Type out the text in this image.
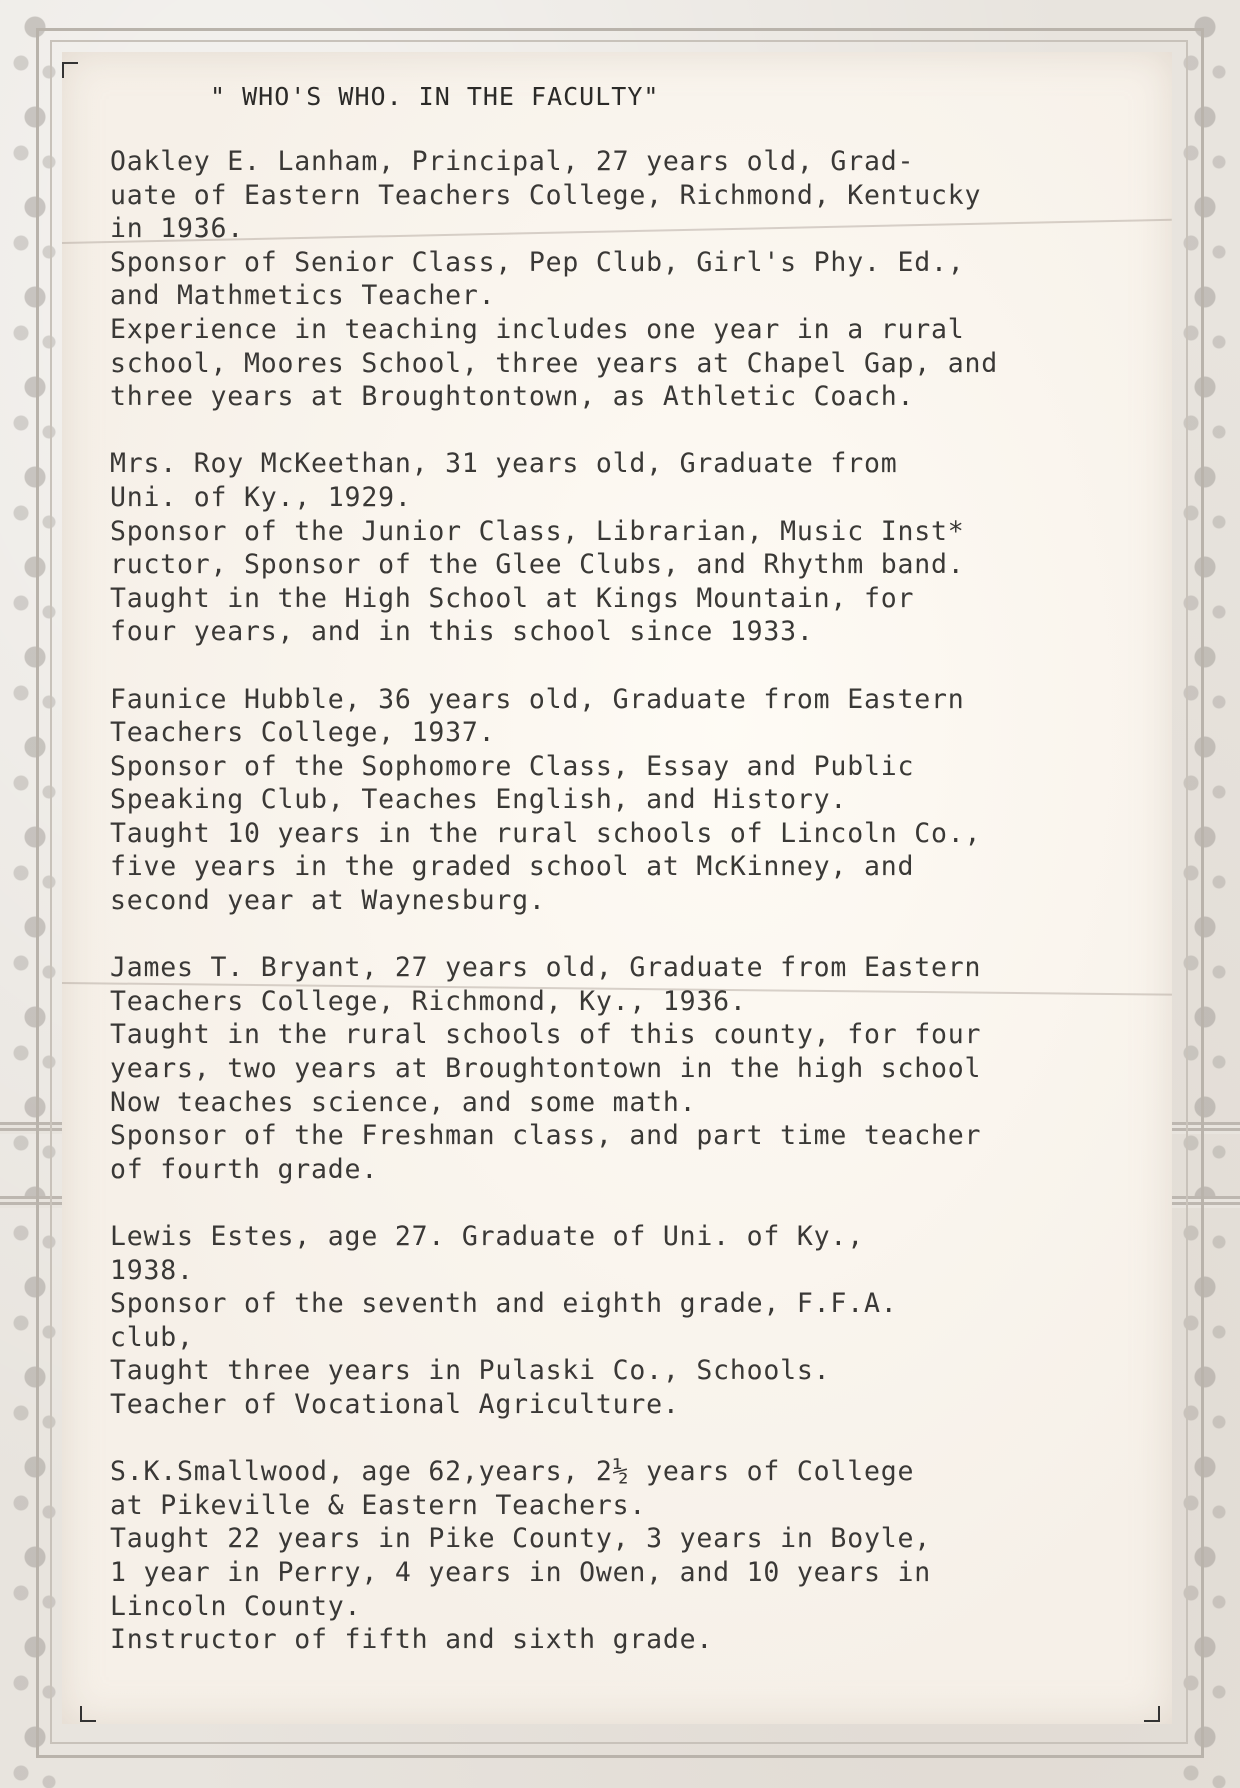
" WHO'S WHO. IN THE FACULTY"
Oakley E. Lanham, Principal, 27 years old, Grad-
uate of Eastern Teachers College, Richmond, Kentucky
in 1936.
Sponsor of Senior Class, Pep Club, Girl's Phy. Ed.,
and Mathmetics Teacher.
Experience in teaching includes one year in a rural
school, Moores School, three years at Chapel Gap, and
three years at Broughtontown, as Athletic Coach.
Mrs. Roy McKeethan, 31 years old, Graduate from
Uni. of Ky., 1929.
Sponsor of the Junior Class, Librarian, Music Inst*
ructor, Sponsor of the Glee Clubs, and Rhythm band.
Taught in the High School at Kings Mountain, for
four years, and in this school since 1933.
Faunice Hubble, 36 years old, Graduate from Eastern
Teachers College, 1937.
Sponsor of the Sophomore Class, Essay and Public
Speaking Club, Teaches English, and History.
Taught 10 years in the rural schools of Lincoln Co.,
five years in the graded school at McKinney, and
second year at Waynesburg.
James T. Bryant, 27 years old, Graduate from Eastern
Teachers College, Richmond, Ky., 1936.
Taught in the rural schools of this county, for four
years, two years at Broughtontown in the high school
Now teaches science, and some math.
Sponsor of the Freshman class, and part time teacher
of fourth grade.
Lewis Estes, age 27. Graduate of Uni. of Ky.,
1938.
Sponsor of the seventh and eighth grade, F.F.A.
club,
Taught three years in Pulaski Co., Schools.
Teacher of Vocational Agriculture.
S.K.Smallwood, age 62,years, 2½ years of College
at Pikeville & Eastern Teachers.
Taught 22 years in Pike County, 3 years in Boyle,
1 year in Perry, 4 years in Owen, and 10 years in
Lincoln County.
Instructor of fifth and sixth grade.
